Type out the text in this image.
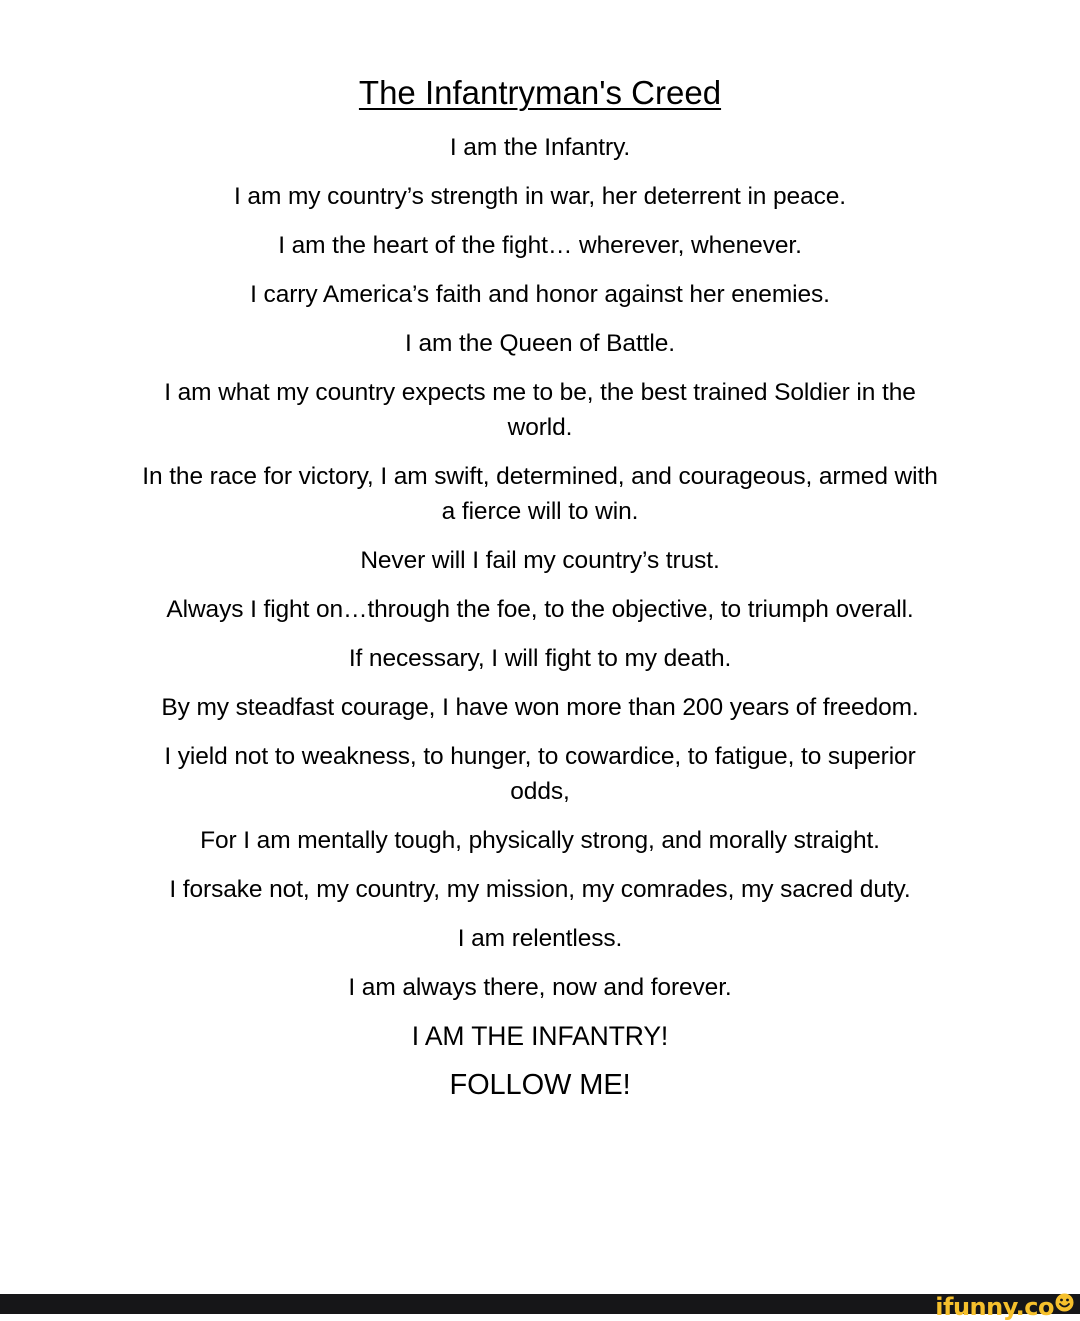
The Infantryman's Creed
I am the Infantry.
I am my country’s strength in war, her deterrent in peace.
I am the heart of the fight… wherever, whenever.
I carry America’s faith and honor against her enemies.
I am the Queen of Battle.
I am what my country expects me to be, the best trained Soldier in the world.
In the race for victory, I am swift, determined, and courageous, armed with a fierce will to win.
Never will I fail my country’s trust.
Always I fight on…through the foe, to the objective, to triumph overall.
If necessary, I will fight to my death.
By my steadfast courage, I have won more than 200 years of freedom.
I yield not to weakness, to hunger, to cowardice, to fatigue, to superior odds,
For I am mentally tough, physically strong, and morally straight.
I forsake not, my country, my mission, my comrades, my sacred duty.
I am relentless.
I am always there, now and forever.
I AM THE INFANTRY!
FOLLOW ME!
ifunny.co
